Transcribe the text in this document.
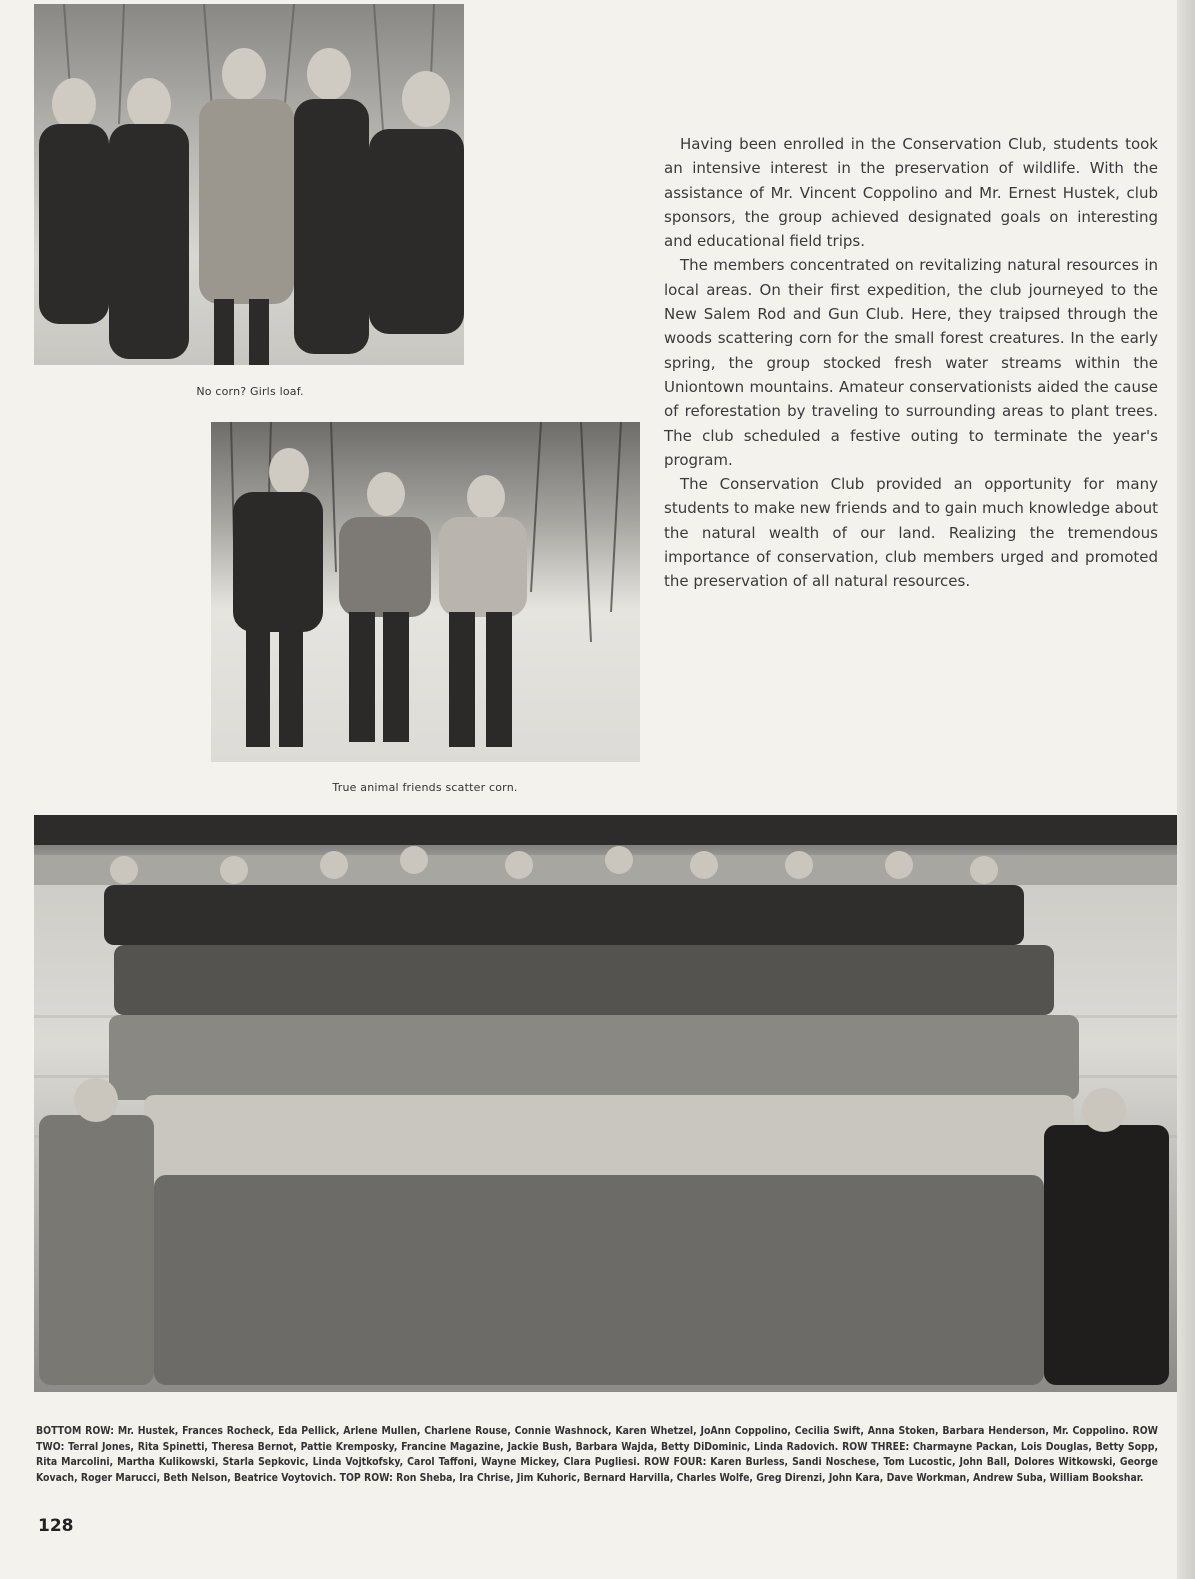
No corn? Girls loaf.

Having been enrolled in the Conservation Club, students took an intensive interest in the preservation of wildlife. With the assistance of Mr. Vincent Coppolino and Mr. Ernest Hustek, club sponsors, the group achieved designated goals on interesting and educational field trips.

The members concentrated on revitalizing natural resources in local areas. On their first expedition, the club journeyed to the New Salem Rod and Gun Club. Here, they traipsed through the woods scattering corn for the small forest creatures. In the early spring, the group stocked fresh water streams within the Uniontown mountains. Amateur conservationists aided the cause of reforestation by traveling to surrounding areas to plant trees. The club scheduled a festive outing to terminate the year's program.

The Conservation Club provided an opportunity for many students to make new friends and to gain much knowledge about the natural wealth of our land. Realizing the tremendous importance of conservation, club members urged and promoted the preservation of all natural resources.

True animal friends scatter corn.
BOTTOM ROW: Mr. Hustek, Frances Rocheck, Eda Pellick, Arlene Mullen, Charlene Rouse, Connie Washnock, Karen Whetzel, JoAnn Coppolino, Cecilia Swift, Anna Stoken, Barbara Henderson, Mr. Coppolino. ROW TWO: Terral Jones, Rita Spinetti, Theresa Bernot, Pattie Kremposky, Francine Magazine, Jackie Bush, Barbara Wajda, Betty DiDominic, Linda Radovich. ROW THREE: Charmayne Packan, Lois Douglas, Betty Sopp, Rita Marcolini, Martha Kulikowski, Starla Sepkovic, Linda Vojtkofsky, Carol Taffoni, Wayne Mickey, Clara Pugliesi. ROW FOUR: Karen Burless, Sandi Noschese, Tom Lucostic, John Ball, Dolores Witkowski, George Kovach, Roger Marucci, Beth Nelson, Beatrice Voytovich. TOP ROW: Ron Sheba, Ira Chrise, Jim Kuhoric, Bernard Harvilla, Charles Wolfe, Greg Direnzi, John Kara, Dave Workman, Andrew Suba, William Bookshar.
128
